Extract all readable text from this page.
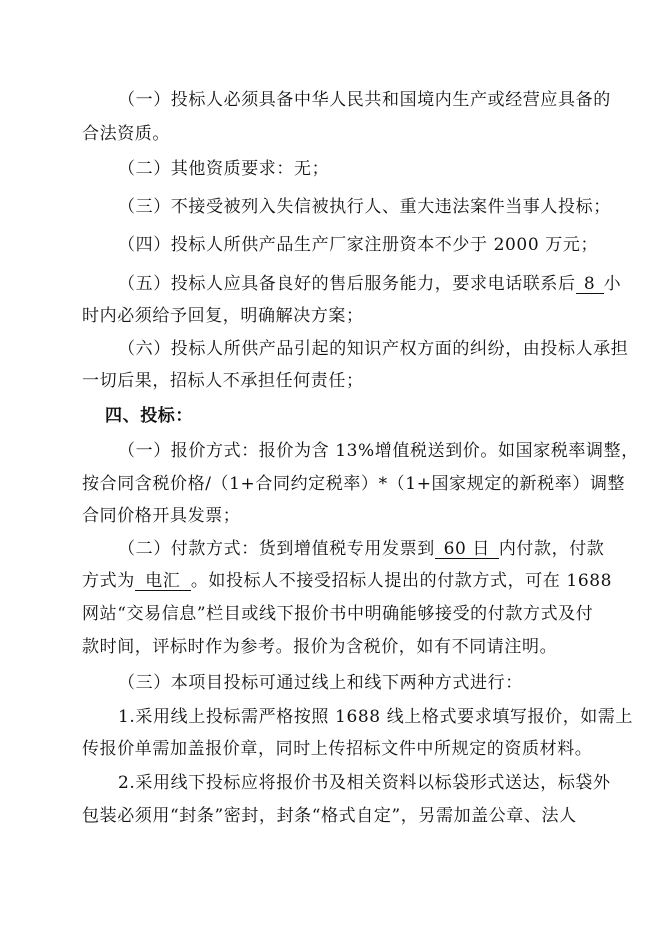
（一）投标人必须具备中华人民共和国境内生产或经营应具备的
合法资质。
（二）其他资质要求：无；
（三）不接受被列入失信被执行人、重大违法案件当事人投标；
（四）投标人所供产品生产厂家注册资本不少于 2000 万元；
（五）投标人应具备良好的售后服务能力，要求电话联系后 8 小
时内必须给予回复，明确解决方案；
（六）投标人所供产品引起的知识产权方面的纠纷，由投标人承担
一切后果，招标人不承担任何责任；
四、投标：
（一）报价方式：报价为含 13%增值税送到价。如国家税率调整，
按合同含税价格/（1+合同约定税率）*（1+国家规定的新税率）调整
合同价格开具发票；
（二）付款方式：货到增值税专用发票到 60 日 内付款，付款
方式为 电汇 。如投标人不接受招标人提出的付款方式，可在 1688
网站“交易信息”栏目或线下报价书中明确能够接受的付款方式及付
款时间，评标时作为参考。报价为含税价，如有不同请注明。
（三）本项目投标可通过线上和线下两种方式进行：
1.采用线上投标需严格按照 1688 线上格式要求填写报价，如需上
传报价单需加盖报价章，同时上传招标文件中所规定的资质材料。
2.采用线下投标应将报价书及相关资料以标袋形式送达，标袋外
包装必须用“封条”密封，封条“格式自定”，另需加盖公章、法人
